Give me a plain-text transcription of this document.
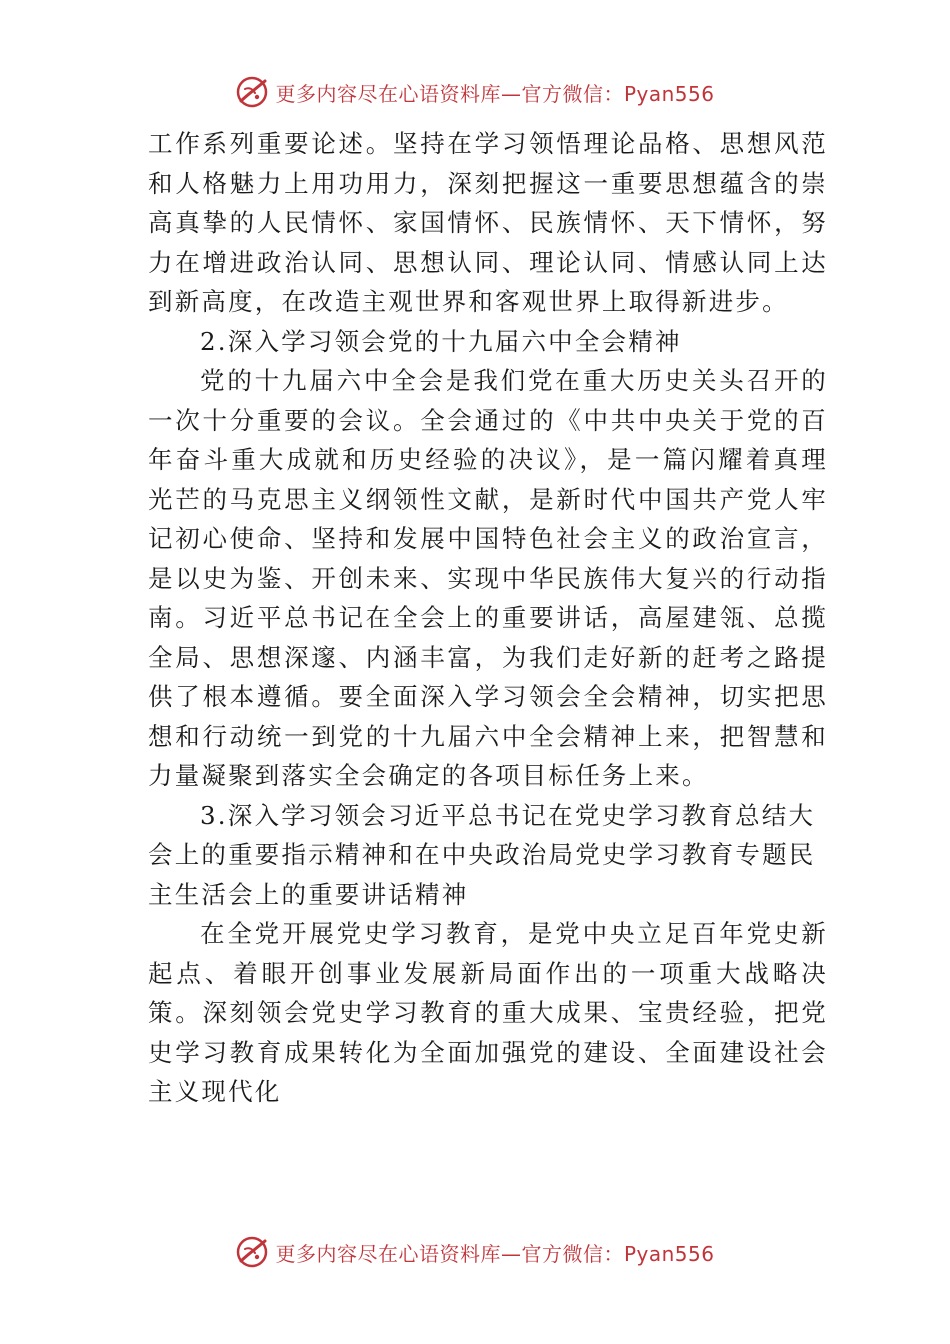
更多内容尽在心语资料库—官方微信：Pyan556

工作系列重要论述。坚持在学习领悟理论品格、思想风范和人格魅力上用功用力，深刻把握这一重要思想蕴含的崇高真挚的人民情怀、家国情怀、民族情怀、天下情怀，努力在增进政治认同、思想认同、理论认同、情感认同上达到新高度，在改造主观世界和客观世界上取得新进步。

2.深入学习领会党的十九届六中全会精神

党的十九届六中全会是我们党在重大历史关头召开的一次十分重要的会议。全会通过的《中共中央关于党的百年奋斗重大成就和历史经验的决议》，是一篇闪耀着真理光芒的马克思主义纲领性文献，是新时代中国共产党人牢记初心使命、坚持和发展中国特色社会主义的政治宣言，是以史为鉴、开创未来、实现中华民族伟大复兴的行动指南。习近平总书记在全会上的重要讲话，高屋建瓴、总揽全局、思想深邃、内涵丰富，为我们走好新的赶考之路提供了根本遵循。要全面深入学习领会全会精神，切实把思想和行动统一到党的十九届六中全会精神上来，把智慧和力量凝聚到落实全会确定的各项目标任务上来。

3.深入学习领会习近平总书记在党史学习教育总结大会上的重要指示精神和在中央政治局党史学习教育专题民主生活会上的重要讲话精神

在全党开展党史学习教育，是党中央立足百年党史新起点、着眼开创事业发展新局面作出的一项重大战略决策。深刻领会党史学习教育的重大成果、宝贵经验，把党史学习教育成果转化为全面加强党的建设、全面建设社会主义现代化

更多内容尽在心语资料库—官方微信：Pyan556
